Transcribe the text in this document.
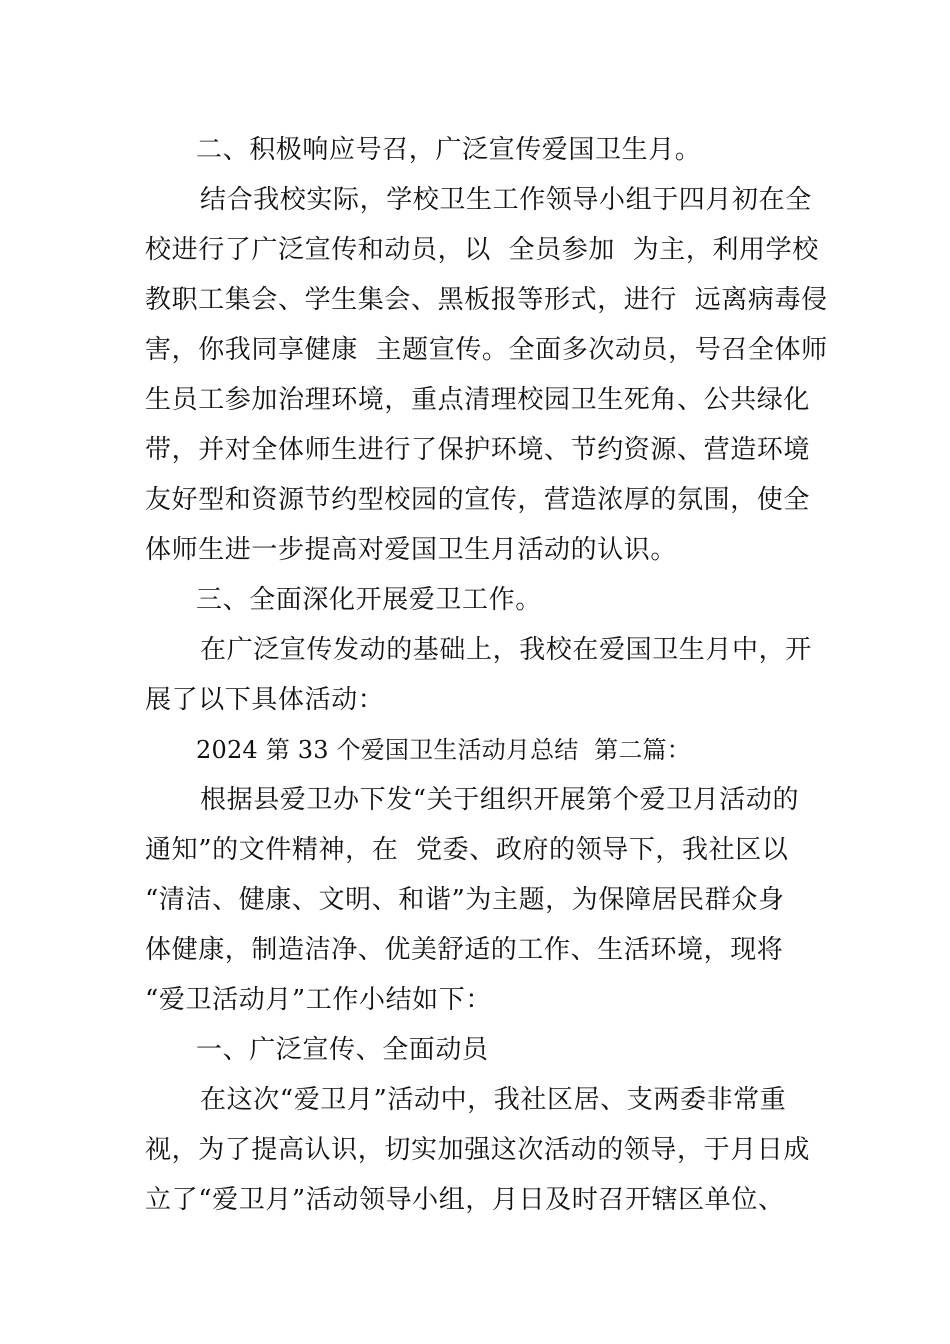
二、积极响应号召，广泛宣传爱国卫生月。
结合我校实际，学校卫生工作领导小组于四月初在全
校进行了广泛宣传和动员，以  全员参加  为主，利用学校
教职工集会、学生集会、黑板报等形式，进行  远离病毒侵
害，你我同享健康  主题宣传。全面多次动员，号召全体师
生员工参加治理环境，重点清理校园卫生死角、公共绿化
带，并对全体师生进行了保护环境、节约资源、营造环境
友好型和资源节约型校园的宣传，营造浓厚的氛围，使全
体师生进一步提高对爱国卫生月活动的认识。
三、全面深化开展爱卫工作。
在广泛宣传发动的基础上，我校在爱国卫生月中，开
展了以下具体活动：
2024 第 33 个爱国卫生活动月总结  第二篇：
根据县爱卫办下发“关于组织开展第个爱卫月活动的
通知”的文件精神，在  党委、政府的领导下，我社区以
“清洁、健康、文明、和谐”为主题，为保障居民群众身
体健康，制造洁净、优美舒适的工作、生活环境，现将
“爱卫活动月”工作小结如下：
一、广泛宣传、全面动员
在这次“爱卫月”活动中，我社区居、支两委非常重
视，为了提高认识，切实加强这次活动的领导，于月日成
立了“爱卫月”活动领导小组，月日及时召开辖区单位、
